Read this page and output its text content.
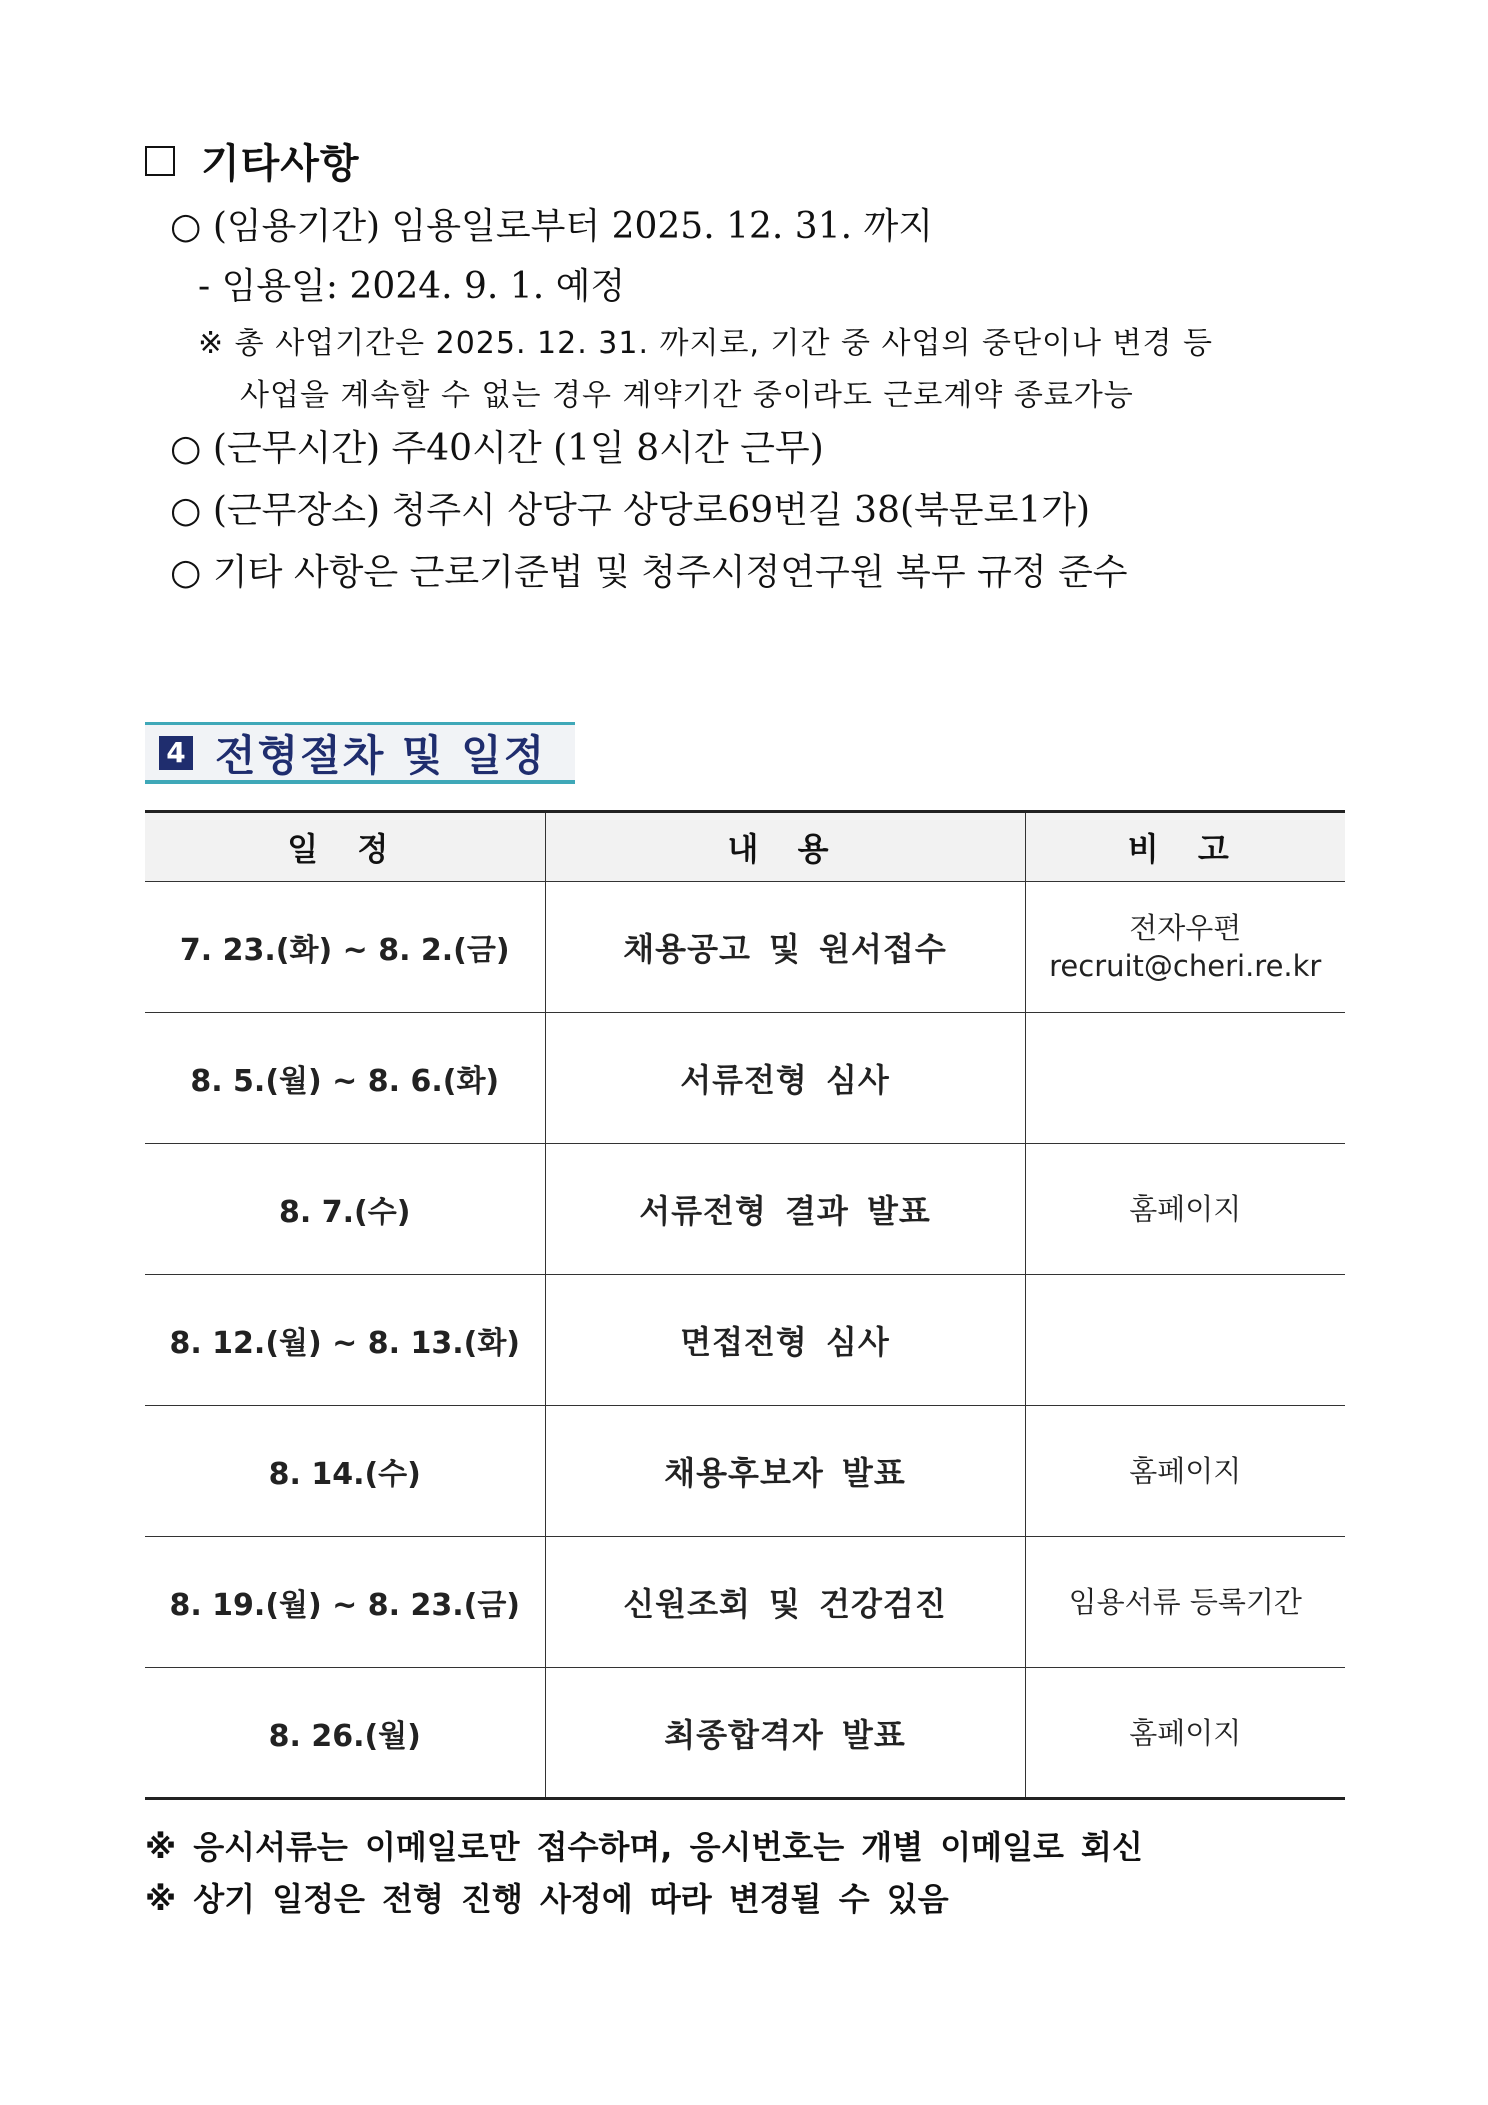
기타사항
○ (임용기간) 임용일로부터 2025. 12. 31. 까지
- 임용일: 2024. 9. 1. 예정
※ 총 사업기간은 2025. 12. 31. 까지로, 기간 중 사업의 중단이나 변경 등
사업을 계속할 수 없는 경우 계약기간 중이라도 근로계약 종료가능
○ (근무시간) 주40시간 (1일 8시간 근무)
○ (근무장소) 청주시 상당구 상당로69번길 38(북문로1가)
○ 기타 사항은 근로기준법 및 청주시정연구원 복무 규정 준수
4 전형절차 및 일정
일 정	내 용	비 고
7. 23.(화) ~ 8. 2.(금)	채용공고 및 원서접수	전자우편
recruit@cheri.re.kr

8. 5.(월) ~ 8. 6.(화)	서류전형 심사	
8. 7.(수)	서류전형 결과 발표	홈페이지
8. 12.(월) ~ 8. 13.(화)	면접전형 심사	
8. 14.(수)	채용후보자 발표	홈페이지
8. 19.(월) ~ 8. 23.(금)	신원조회 및 건강검진	임용서류 등록기간
8. 26.(월)	최종합격자 발표	홈페이지
※ 응시서류는 이메일로만 접수하며, 응시번호는 개별 이메일로 회신
※ 상기 일정은 전형 진행 사정에 따라 변경될 수 있음
